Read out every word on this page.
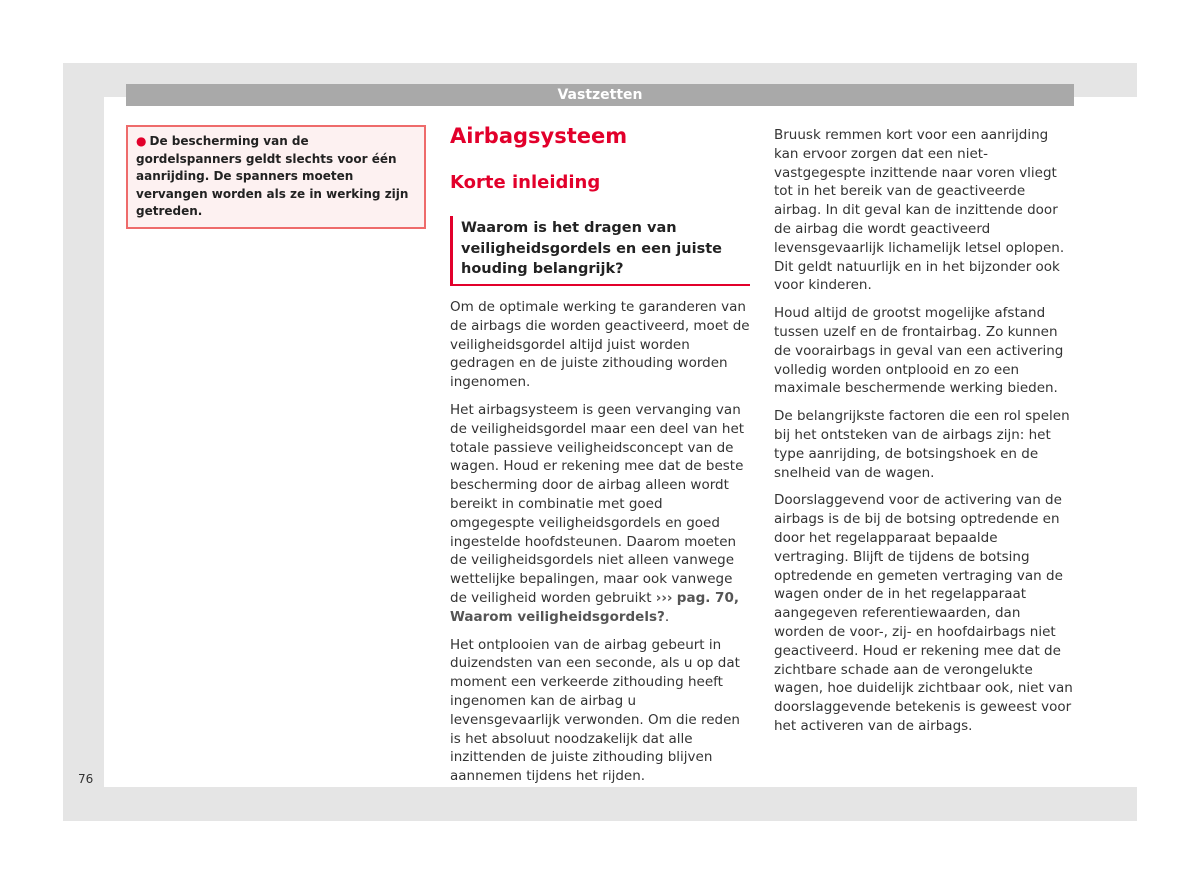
Vastzetten
● De bescherming van de gordelspanners geldt slechts voor één aanrijding. De spanners moeten vervangen worden als ze in werking zijn getreden.
Airbagsysteem
Korte inleiding
Waarom is het dragen van veiligheidsgordels en een juiste houding belangrijk?

Om de optimale werking te garanderen van de airbags die worden geactiveerd, moet de veiligheidsgordel altijd juist worden gedragen en de juiste zithouding worden ingenomen.

Het airbagsysteem is geen vervanging van de veiligheidsgordel maar een deel van het totale passieve veiligheidsconcept van de wagen. Houd er rekening mee dat de beste bescherming door de airbag alleen wordt bereikt in combinatie met goed omgegespte veiligheidsgordels en goed ingestelde hoofdsteunen. Daarom moeten de veiligheidsgordels niet alleen vanwege wettelijke bepalingen, maar ook vanwege de veiligheid worden gebruikt ››› pag. 70, Waarom veiligheidsgordels?.

Het ontplooien van de airbag gebeurt in duizendsten van een seconde, als u op dat moment een verkeerde zithouding heeft ingenomen kan de airbag u levensgevaarlijk verwonden. Om die reden is het absoluut noodzakelijk dat alle inzittenden de juiste zithouding blijven aannemen tijdens het rijden.

Bruusk remmen kort voor een aanrijding kan ervoor zorgen dat een niet-vastgegespte inzittende naar voren vliegt tot in het bereik van de geactiveerde airbag. In dit geval kan de inzittende door de airbag die wordt geactiveerd levensgevaarlijk lichamelijk letsel oplopen. Dit geldt natuurlijk en in het bijzonder ook voor kinderen.

Houd altijd de grootst mogelijke afstand tussen uzelf en de frontairbag. Zo kunnen de voorairbags in geval van een activering volledig worden ontplooid en zo een maximale beschermende werking bieden.

De belangrijkste factoren die een rol spelen bij het ontsteken van de airbags zijn: het type aanrijding, de botsingshoek en de snelheid van de wagen.

Doorslaggevend voor de activering van de airbags is de bij de botsing optredende en door het regelapparaat bepaalde vertraging. Blijft de tijdens de botsing optredende en gemeten vertraging van de wagen onder de in het regelapparaat aangegeven referentiewaarden, dan worden de voor-, zij- en hoofdairbags niet geactiveerd. Houd er rekening mee dat de zichtbare schade aan de verongelukte wagen, hoe duidelijk zichtbaar ook, niet van doorslaggevende betekenis is geweest voor het activeren van de airbags.

76
